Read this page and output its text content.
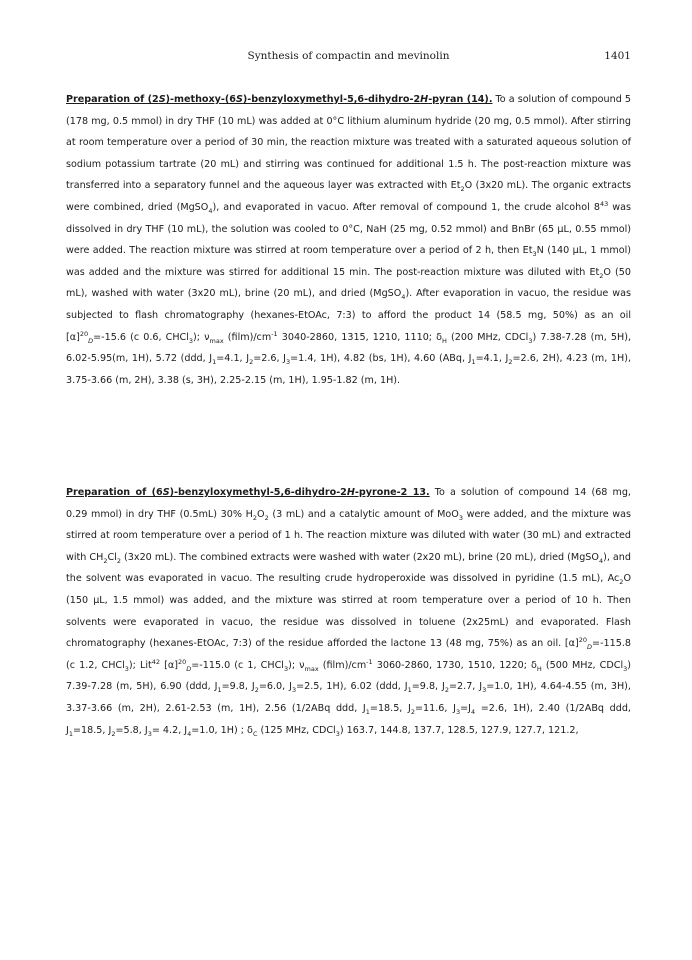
Synthesis of compactin and mevinolin	1401
Preparation of (2S)-methoxy-(6S)-benzyloxymethyl-5,6-dihydro-2H-pyran (14). To a solution of compound 5 (178 mg, 0.5 mmol) in dry THF (10 mL) was added at 0°C lithium aluminum hydride (20 mg, 0.5 mmol). After stirring at room temperature over a period of 30 min, the reaction mixture was treated with a saturated aqueous solution of sodium potassium tartrate (20 mL) and stirring was continued for additional 1.5 h. The post-reaction mixture was transferred into a separatory funnel and the aqueous layer was extracted with $Et_2O$ (3x20 mL). The organic extracts were combined, dried (MgSO$_4$), and evaporated in vacuo. After removal of compound 1, the crude alcohol $8^{43}$ was dissolved in dry THF (10 mL), the solution was cooled to 0°C, NaH (25 mg, 0.52 mmol) and BnBr (65 µL, 0.55 mmol) were added. The reaction mixture was stirred at room temperature over a period of 2 h, then $Et_3N$ (140 µL, 1 mmol) was added and the mixture was stirred for additional 15 min. The post-reaction mixture was diluted with $Et_2O$ (50 mL), washed with water (3x20 mL), brine (20 mL), and dried (MgSO$_4$). After evaporation in vacuo, the residue was subjected to flash chromatography (hexanes-EtOAc, 7:3) to afford the product 14 (58.5 mg, 50%) as an oil $[\alpha]^{20}_D=-15.6$ (c 0.6, CHCl$_3$); $\nu_{max}$ $(film)/cm^{-1}$ 3040-2860, 1315, 1210, 1110; $\delta_H$ (200 MHz, CDCl$_3$) 7.38-7.28 (m, 5H), 6.02-5.95(m, 1H), 5.72 (ddd, $J_1=4.1$, $J_2=2.6$, $J_3=1.4$, 1H), 4.82 (bs, 1H), 4.60 (ABq, $J_1=4.1$, $J_2=2.6$, 2H), 4.23 (m, 1H), 3.75-3.66 (m, 2H), 3.38 (s, 3H), 2.25-2.15 (m, 1H), 1.95-1.82 (m, 1H).
Preparation of (6S)-benzyloxymethyl-5,6-dihydro-2H-pyrone-2 13. To a solution of compound 14 (68 mg, 0.29 mmol) in dry THF (0.5mL) 30% $H_2O_2$ (3 mL) and a catalytic amount of MoO$_3$ were added, and the mixture was stirred at room temperature over a period of 1 h. The reaction mixture was diluted with water (30 mL) and extracted with $CH_2Cl_2$ (3x20 mL). The combined extracts were washed with water (2x20 mL), brine (20 mL), dried (MgSO$_4$), and the solvent was evaporated in vacuo. The resulting crude hydroperoxide was dissolved in pyridine (1.5 mL), $Ac_2O$ (150 µL, 1.5 mmol) was added, and the mixture was stirred at room temperature over a period of 10 h. Then solvents were evaporated in vacuo, the residue was dissolved in toluene (2x25mL) and evaporated. Flash chromatography (hexanes-EtOAc, 7:3) of the residue afforded the lactone 13 (48 mg, 75%) as an oil. $[\alpha]^{20}_D=-115.8$ (c 1.2, CHCl$_3$); Lit$^{42}$ $[\alpha]^{20}_D=-115.0$ (c 1, CHCl$_3$); $\nu_{max}$ $(film)/cm^{-1}$ 3060-2860, 1730, 1510, 1220; $\delta_H$ (500 MHz, CDCl$_3$) 7.39-7.28 (m, 5H), 6.90 (ddd, $J_1=9.8$, $J_2=6.0$, $J_3=2.5$, 1H), 6.02 (ddd, $J_1=9.8$, $J_2=2.7$, $J_3=1.0$, 1H), 4.64-4.55 (m, 3H), 3.37-3.66 (m, 2H), 2.61-2.53 (m, 1H), 2.56 (1/2ABq ddd, $J_1=18.5$, $J_2=11.6$, $J_3=J_4 =2.6$, 1H), 2.40 (1/2ABq ddd, $J_1=18.5$, $J_2=5.8$, $J_3= 4.2$, $J_4=1.0$, 1H) ; $\delta_C$ (125 MHz, CDCl$_3$) 163.7, 144.8, 137.7, 128.5, 127.9, 127.7, 121.2,
